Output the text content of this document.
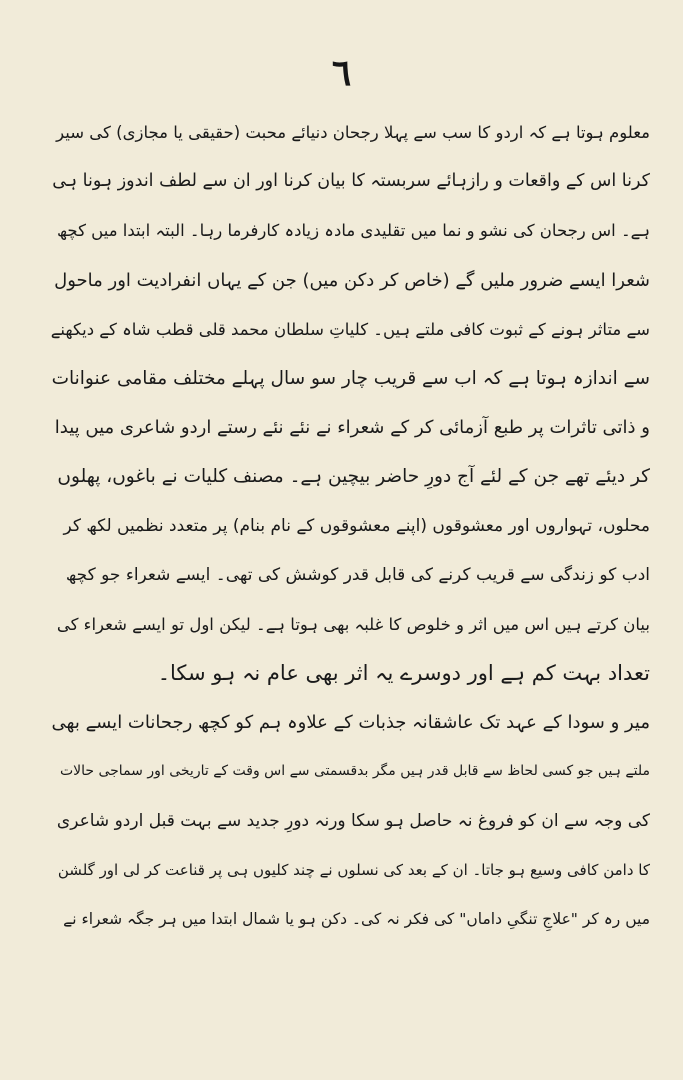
٦
معلوم ہوتا ہے کہ اردو کا سب سے پہلا رجحان دنیائے محبت (حقیقی یا مجازی) کی سیر
کرنا اس کے واقعات و رازہائے سربستہ کا بیان کرنا اور ان سے لطف اندوز ہونا ہی
ہے۔ اس رجحان کی نشو و نما میں تقلیدی مادہ زیادہ کارفرما رہا۔ البتہ ابتدا میں کچھ
شعرا ایسے ضرور ملیں گے (خاص کر دکن میں) جن کے یہاں انفرادیت اور ماحول
سے متاثر ہونے کے ثبوت کافی ملتے ہیں۔ کلیاتِ سلطان محمد قلی قطب شاہ کے دیکھنے
سے اندازہ ہوتا ہے کہ اب سے قریب چار سو سال پہلے مختلف مقامی عنوانات
و ذاتی تاثرات پر طبع آزمائی کر کے شعراء نے نئے نئے رستے اردو شاعری میں پیدا
کر دیئے تھے جن کے لئے آج دورِ حاضر بیچین ہے۔ مصنف کلیات نے باغوں، پھلوں
محلوں، تہواروں اور معشوقوں (اپنے معشوقوں کے نام بنام) پر متعدد نظمیں لکھ کر
ادب کو زندگی سے قریب کرنے کی قابل قدر کوشش کی تھی۔ ایسے شعراء جو کچھ
بیان کرتے ہیں اس میں اثر و خلوص کا غلبہ بھی ہوتا ہے۔ لیکن اول تو ایسے شعراء کی
تعداد بہت کم ہے اور دوسرے یہ اثر بھی عام نہ ہو سکا۔
میر و سودا کے عہد تک عاشقانہ جذبات کے علاوہ ہم کو کچھ رجحانات ایسے بھی
ملتے ہیں جو کسی لحاظ سے قابل قدر ہیں مگر بدقسمتی سے اس وقت کے تاریخی اور سماجی حالات
کی وجہ سے ان کو فروغ نہ حاصل ہو سکا ورنہ دورِ جدید سے بہت قبل اردو شاعری
کا دامن کافی وسیع ہو جاتا۔ ان کے بعد کی نسلوں نے چند کلیوں ہی پر قناعت کر لی اور گلشن
میں رہ کر "علاجِ تنگیِ داماں" کی فکر نہ کی۔ دکن ہو یا شمال ابتدا میں ہر جگہ شعراء نے
